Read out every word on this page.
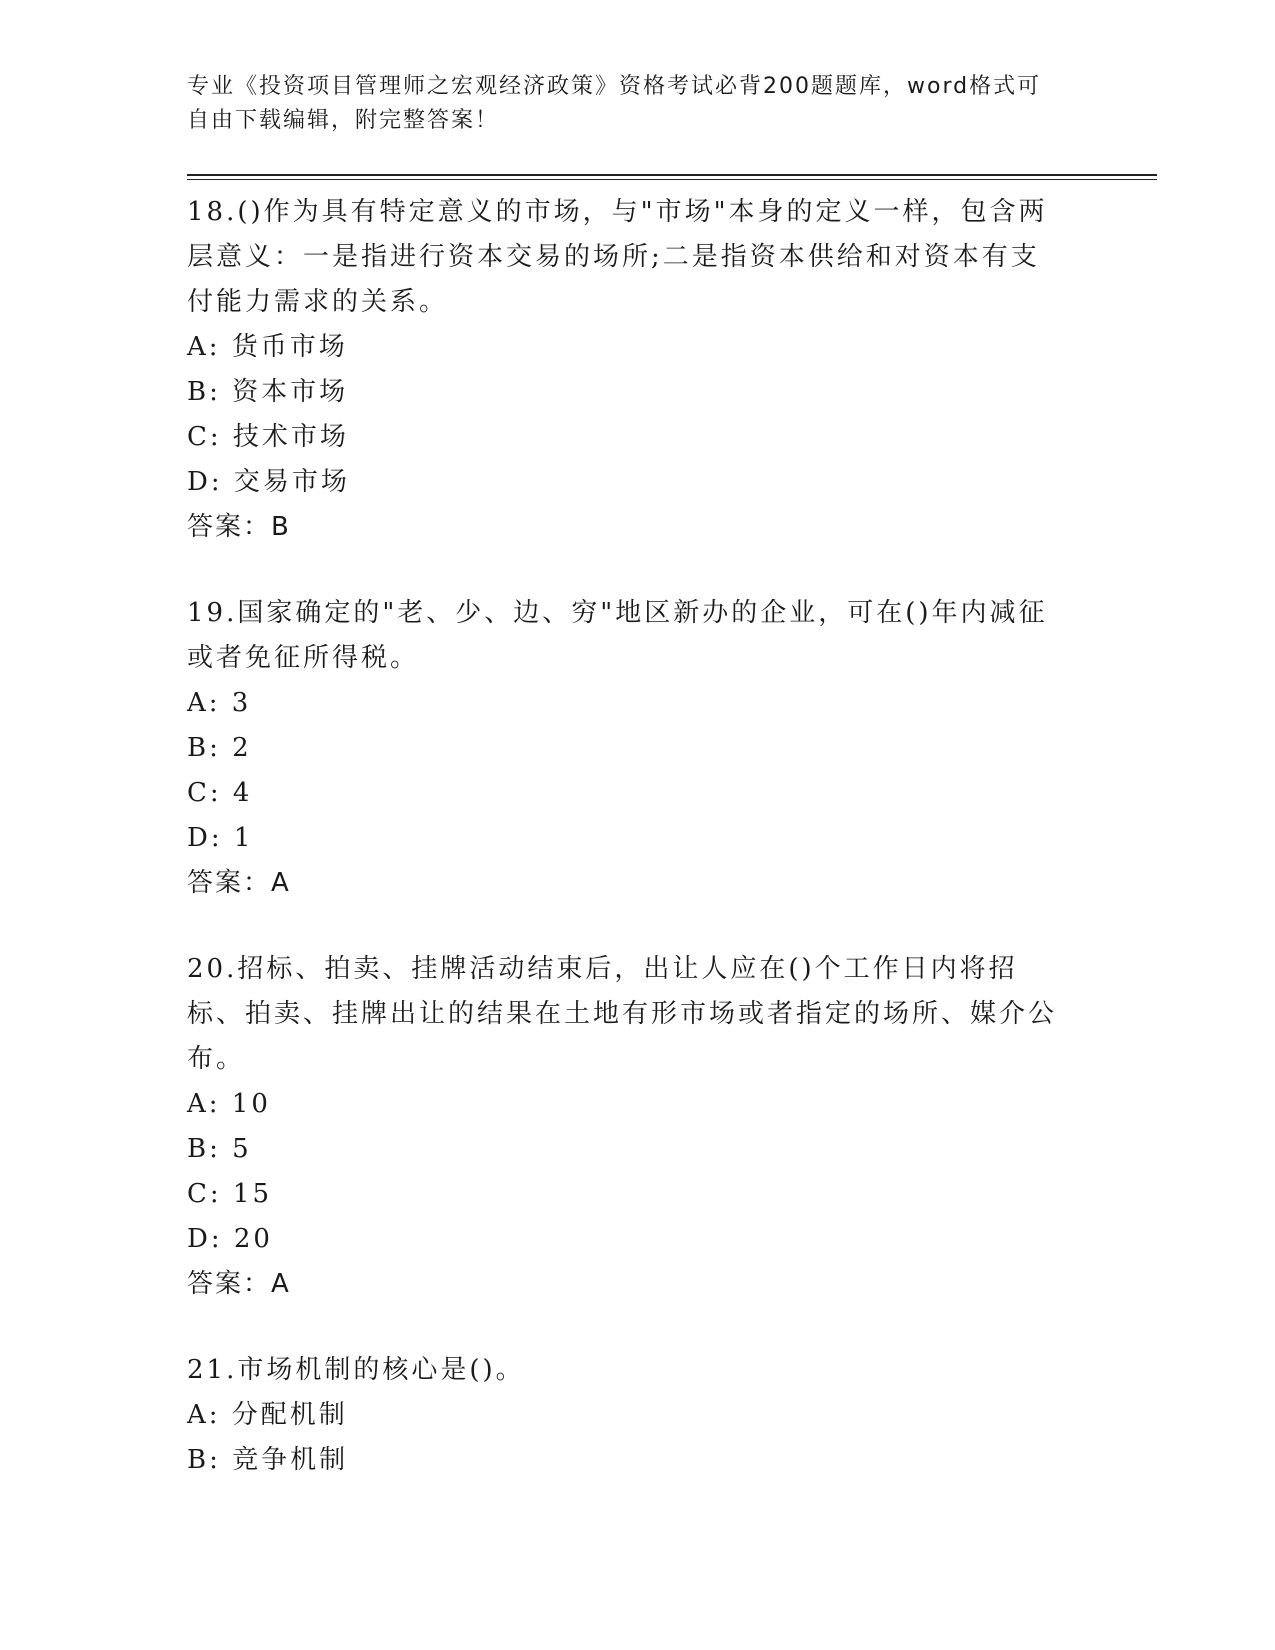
专业《投资项目管理师之宏观经济政策》资格考试必背200题题库，word格式可
自由下载编辑，附完整答案！

18.()作为具有特定意义的市场，与"市场"本身的定义一样，包含两层意义：一是指进行资本交易的场所;二是指资本供给和对资本有支付能力需求的关系。

A: 货币市场

B: 资本市场

C: 技术市场

D: 交易市场

答案：B

19.国家确定的"老、少、边、穷"地区新办的企业，可在()年内减征或者免征所得税。

A: 3

B: 2

C: 4

D: 1

答案：A

20.招标、拍卖、挂牌活动结束后，出让人应在()个工作日内将招标、拍卖、挂牌出让的结果在土地有形市场或者指定的场所、媒介公布。

A: 10

B: 5

C: 15

D: 20

答案：A

21.市场机制的核心是()。

A: 分配机制

B: 竞争机制
